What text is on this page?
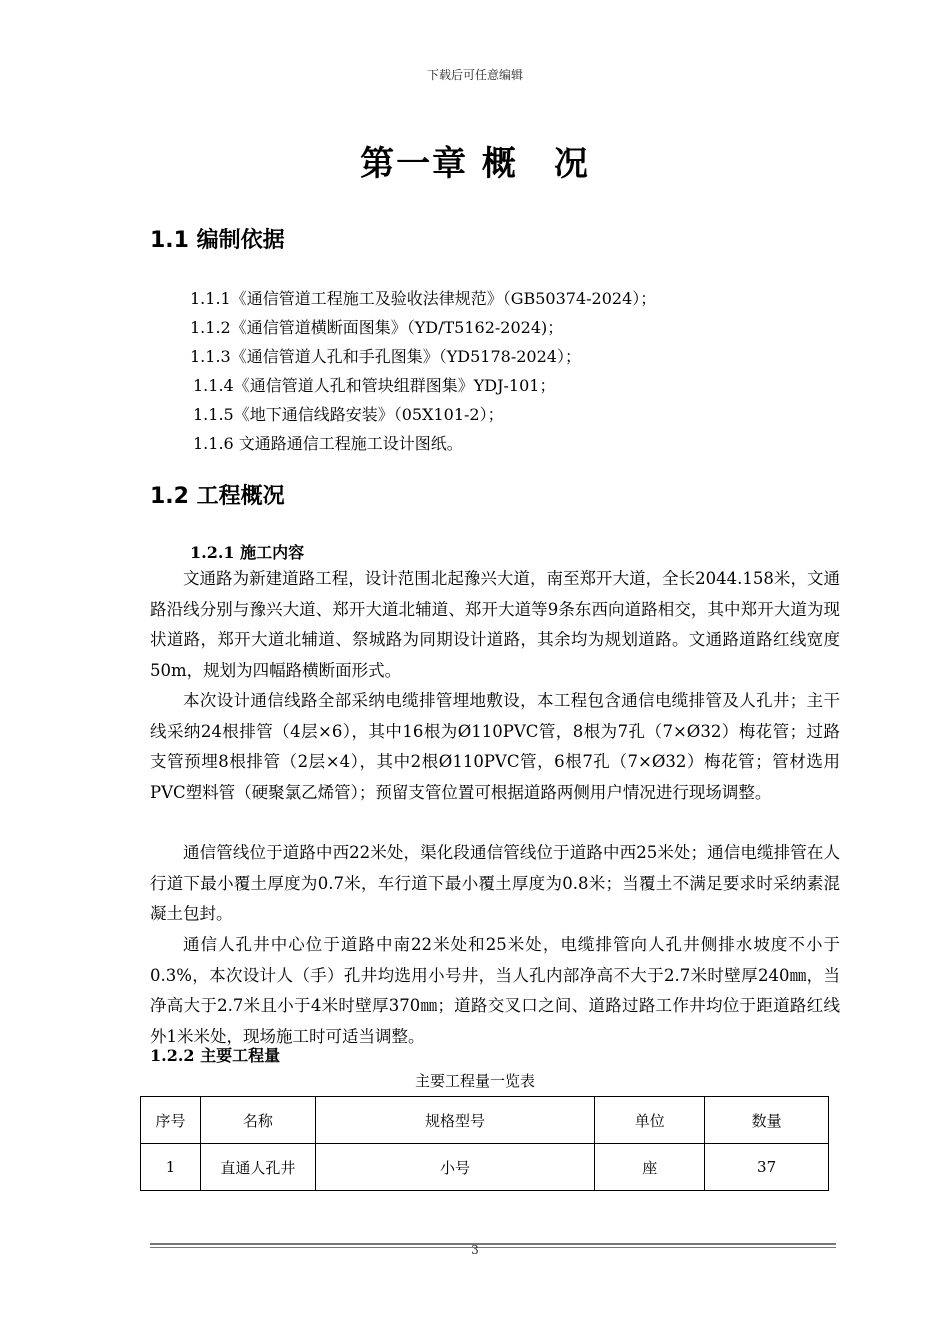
下载后可任意编辑
第一章 概　况
1.1 编制依据
1.1.1《通信管道工程施工及验收法律规范》（GB50374-2024）；
1.1.2《通信管道横断面图集》（YD/T5162-2024)；
1.1.3《通信管道人孔和手孔图集》（YD5178-2024）；
1.1.4《通信管道人孔和管块组群图集》YDJ-101；
1.1.5《地下通信线路安装》（05X101-2）；
1.1.6 文通路通信工程施工设计图纸。
1.2 工程概况
1.2.1 施工内容

文通路为新建道路工程，设计范围北起豫兴大道，南至郑开大道，全长2044.158米，文通路沿线分别与豫兴大道、郑开大道北辅道、郑开大道等9条东西向道路相交，其中郑开大道为现状道路，郑开大道北辅道、祭城路为同期设计道路，其余均为规划道路。文通路道路红线宽度50m，规划为四幅路横断面形式。

本次设计通信线路全部采纳电缆排管埋地敷设，本工程包含通信电缆排管及人孔井；主干线采纳24根排管（4层×6），其中16根为Ø110PVC管，8根为7孔（7×Ø32）梅花管；过路支管预埋8根排管（2层×4），其中2根Ø110PVC管，6根7孔（7×Ø32）梅花管；管材选用PVC塑料管（硬聚氯乙烯管）；预留支管位置可根据道路两侧用户情况进行现场调整。

通信管线位于道路中西22米处，渠化段通信管线位于道路中西25米处；通信电缆排管在人行道下最小覆土厚度为0.7米，车行道下最小覆土厚度为0.8米；当覆土不满足要求时采纳素混凝土包封。

通信人孔井中心位于道路中南22米处和25米处，电缆排管向人孔井侧排水坡度不小于0.3%，本次设计人（手）孔井均选用小号井，当人孔内部净高不大于2.7米时壁厚240㎜，当净高大于2.7米且小于4米时壁厚370㎜；道路交叉口之间、道路过路工作井均位于距道路红线外1米米处，现场施工时可适当调整。

1.2.2 主要工程量
主要工程量一览表
序号	名称	规格型号	单位	数量
1	直通人孔井	小号	座	37
3
